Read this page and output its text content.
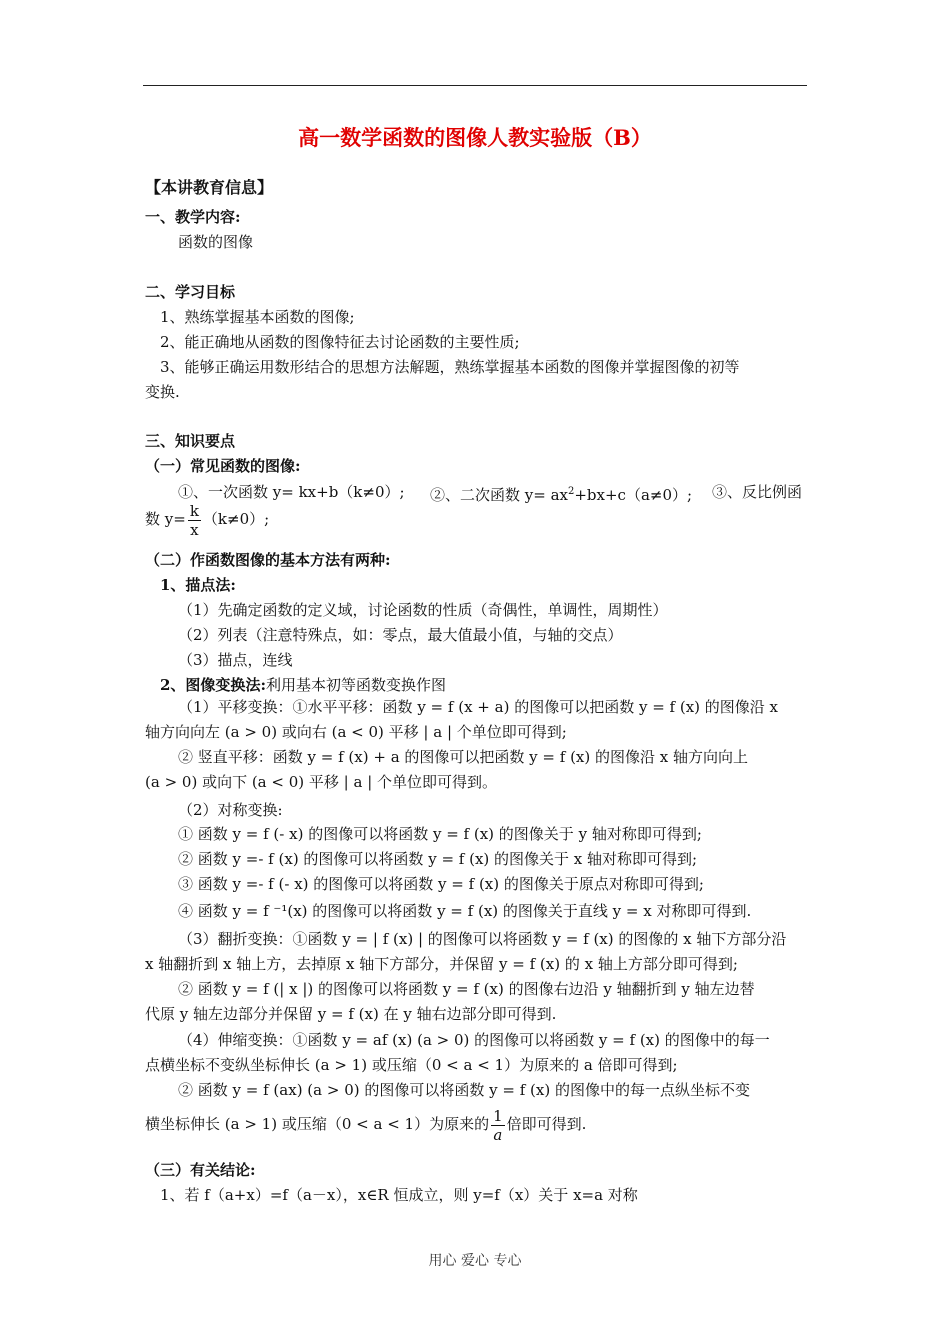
高一数学函数的图像人教实验版（B）
【本讲教育信息】
一、教学内容:
函数的图像
二、学习目标
1、熟练掌握基本函数的图像;
2、能正确地从函数的图像特征去讨论函数的主要性质;
3、能够正确运用数形结合的思想方法解题，熟练掌握基本函数的图像并掌握图像的初等
变换.
三、知识要点
（一）常见函数的图像:
①、一次函数 y= kx+b（k≠0）; ②、二次函数 $y= ax^2+bx+c(a\ne 0)$; ③、反比例函
数 $y= \frac{k}{x} (k\ne 0)$;
（二）作函数图像的基本方法有两种:
1、描点法:
（1）先确定函数的定义域，讨论函数的性质（奇偶性，单调性，周期性）
（2）列表（注意特殊点，如：零点，最大值最小值，与轴的交点）
（3）描点，连线
2、图像变换法:利用基本初等函数变换作图
（1）平移变换：①水平平移：函数 y = f (x + a) 的图像可以把函数 y = f (x) 的图像沿 x
轴方向向左 (a > 0) 或向右 (a < 0) 平移 | a | 个单位即可得到;
② 竖直平移：函数 y = f (x) + a 的图像可以把函数 y = f (x) 的图像沿 x 轴方向向上
(a > 0) 或向下 (a < 0) 平移 | a | 个单位即可得到。
（2）对称变换:
① 函数 y = f (- x) 的图像可以将函数 y = f (x) 的图像关于 y 轴对称即可得到;
② 函数 y =- f (x) 的图像可以将函数 y = f (x) 的图像关于 x 轴对称即可得到;
③ 函数 y =- f (- x) 的图像可以将函数 y = f (x) 的图像关于原点对称即可得到;
④ 函数 y = f ⁻¹(x) 的图像可以将函数 y = f (x) 的图像关于直线 y = x 对称即可得到.
（3）翻折变换：①函数 y = | f (x) | 的图像可以将函数 y = f (x) 的图像的 x 轴下方部分沿
x 轴翻折到 x 轴上方，去掉原 x 轴下方部分，并保留 y = f (x) 的 x 轴上方部分即可得到;
② 函数 y = f (| x |) 的图像可以将函数 y = f (x) 的图像右边沿 y 轴翻折到 y 轴左边替
代原 y 轴左边部分并保留 y = f (x) 在 y 轴右边部分即可得到.
（4）伸缩变换：①函数 y = af (x) (a > 0) 的图像可以将函数 y = f (x) 的图像中的每一
点横坐标不变纵坐标伸长 (a > 1) 或压缩（0 < a < 1）为原来的 a 倍即可得到;
② 函数 y = f (ax) (a > 0) 的图像可以将函数 y = f (x) 的图像中的每一点纵坐标不变
横坐标伸长 (a > 1) 或压缩（0 < a < 1）为原来的 $\frac{1}{a}$ 倍即可得到.
（三）有关结论:
1、若 f（a+x）=f（a－x），x∈R 恒成立，则 y=f（x）关于 x=a 对称
用心 爱心 专心
